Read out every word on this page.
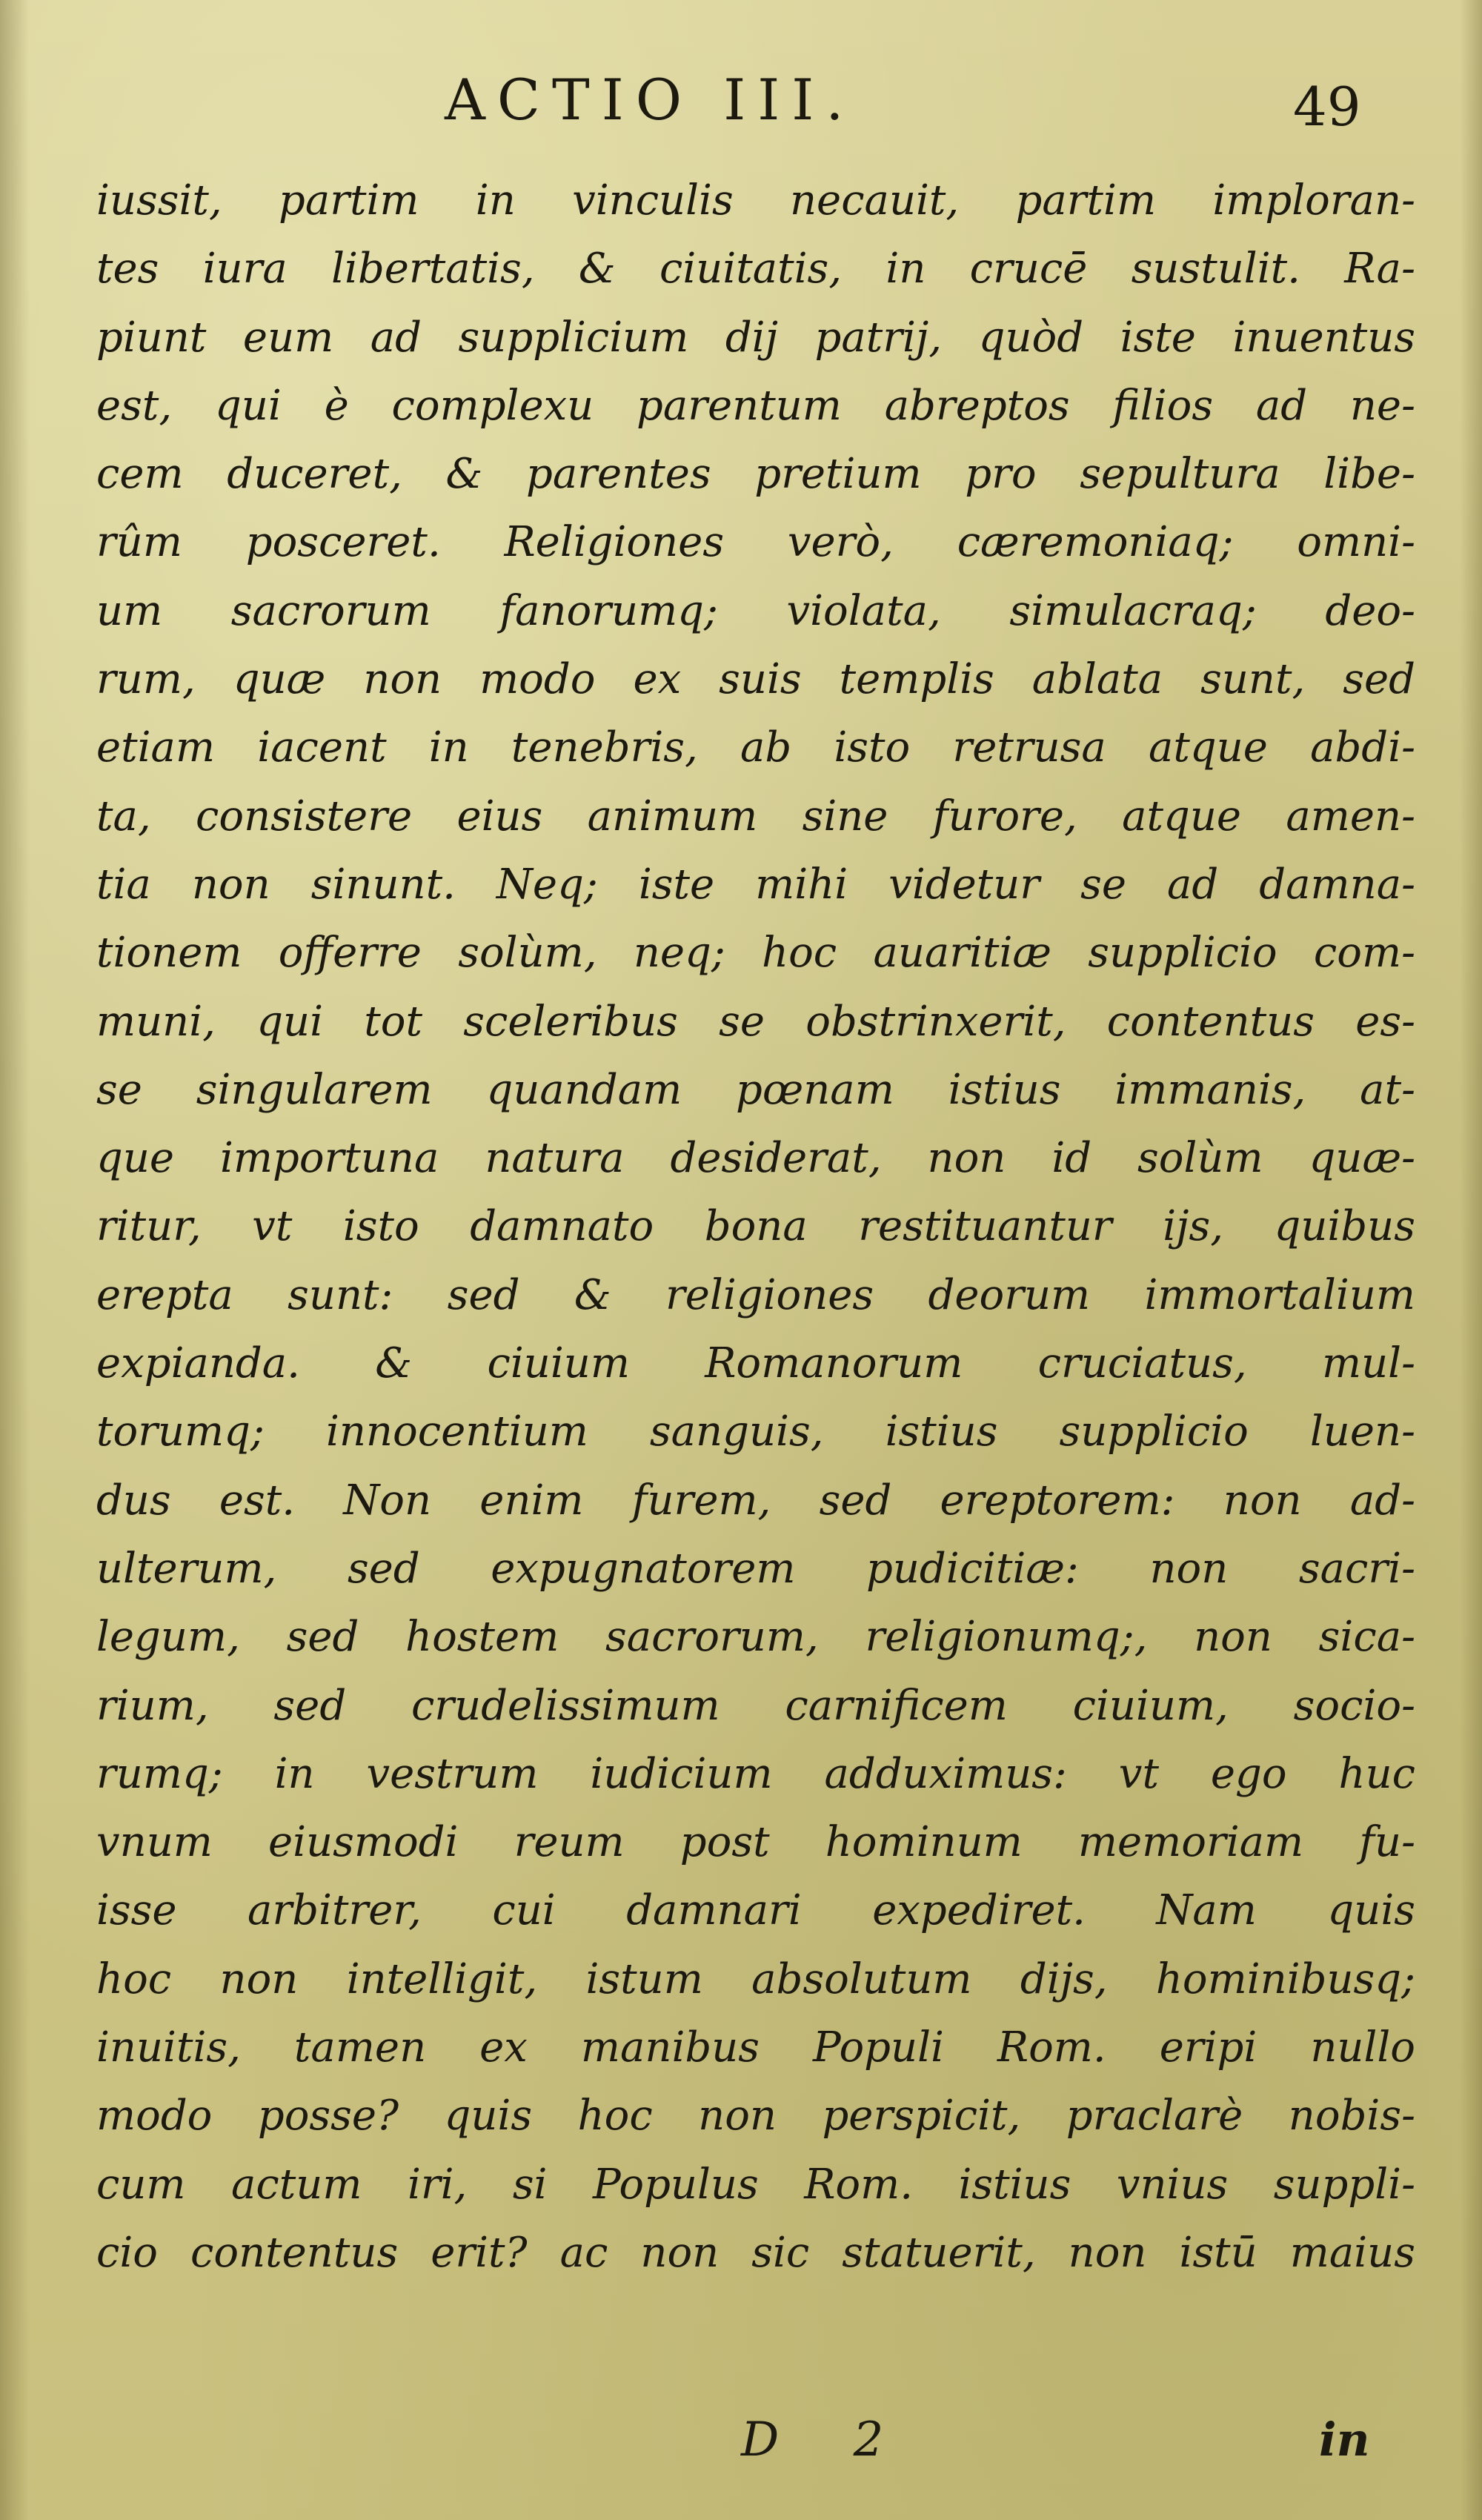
ACTIO III.	49
iussit, partim in vinculis necauit, partim imploran-
tes iura libertatis, & ciuitatis, in crucē sustulit. Ra-
piunt eum ad supplicium dij patrij, quòd iste inuentus
est, qui è complexu parentum abreptos filios ad ne-
cem duceret, & parentes pretium pro sepultura libe-
rûm posceret. Religiones verò, cæremoniaq; omni-
um sacrorum fanorumq; violata, simulacraq; deo-
rum, quæ non modo ex suis templis ablata sunt, sed
etiam iacent in tenebris, ab isto retrusa atque abdi-
ta, consistere eius animum sine furore, atque amen-
tia non sinunt. Neq; iste mihi videtur se ad damna-
tionem offerre solùm, neq; hoc auaritiæ supplicio com-
muni, qui tot sceleribus se obstrinxerit, contentus es-
se singularem quandam pœnam istius immanis, at-
que importuna natura desiderat, non id solùm quæ-
ritur, vt isto damnato bona restituantur ijs, quibus
erepta sunt: sed & religiones deorum immortalium
expianda. & ciuium Romanorum cruciatus, mul-
torumq; innocentium sanguis, istius supplicio luen-
dus est. Non enim furem, sed ereptorem: non ad-
ulterum, sed expugnatorem pudicitiæ: non sacri-
legum, sed hostem sacrorum, religionumq;, non sica-
rium, sed crudelissimum carnificem ciuium, socio-
rumq; in vestrum iudicium adduximus: vt ego huc
vnum eiusmodi reum post hominum memoriam fu-
isse arbitrer, cui damnari expediret. Nam quis
hoc non intelligit, istum absolutum dijs, hominibusq;
inuitis, tamen ex manibus Populi Rom. eripi nullo
modo posse? quis hoc non perspicit, praclarè nobis-
cum actum iri, si Populus Rom. istius vnius suppli-
cio contentus erit? ac non sic statuerit, non istū maius
D 2	in
